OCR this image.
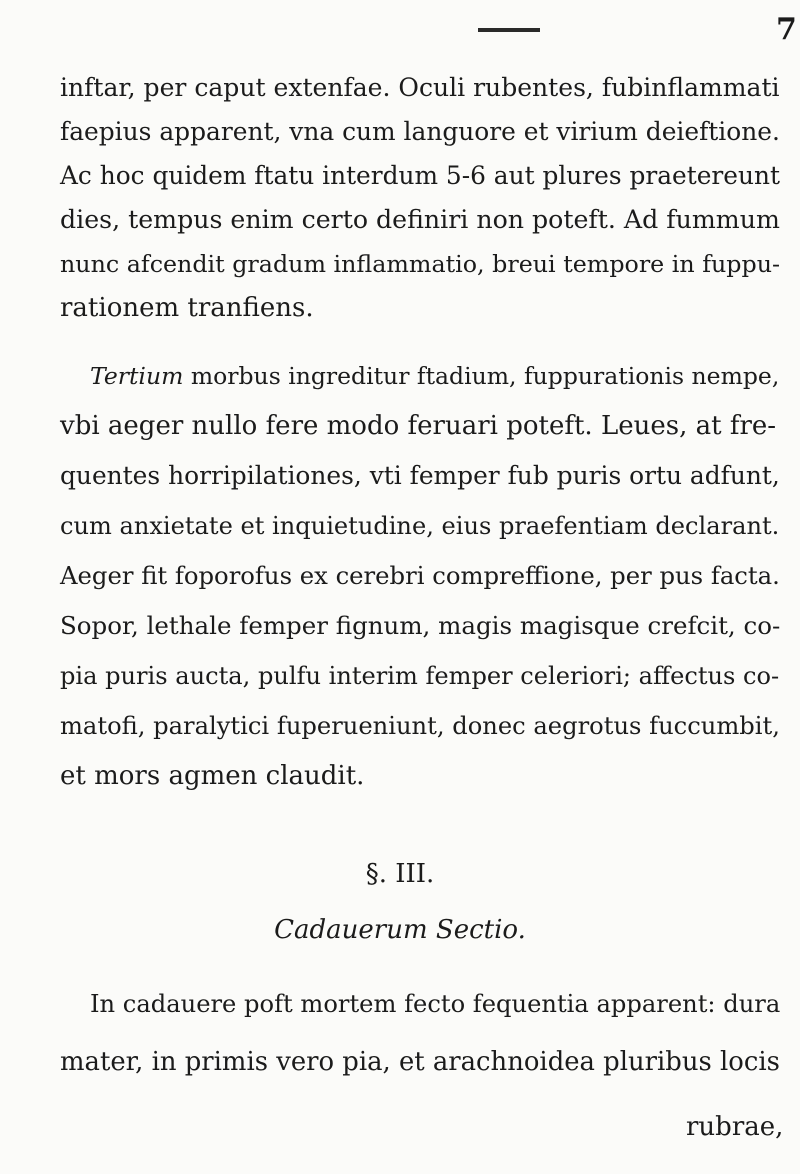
7
inftar, per caput extenfae. Oculi rubentes, fubinflammati
faepius apparent, vna cum languore et virium deieftione.
Ac hoc quidem ftatu interdum 5-6 aut plures praetereunt
dies, tempus enim certo definiri non poteft. Ad fummum
nunc afcendit gradum inflammatio, breui tempore in fuppu-
rationem tranfiens.
Tertium morbus ingreditur ftadium, fuppurationis nempe,
vbi aeger nullo fere modo feruari poteft. Leues, at fre-
quentes horripilationes, vti femper fub puris ortu adfunt,
cum anxietate et inquietudine, eius praefentiam declarant.
Aeger fit foporofus ex cerebri compreffione, per pus facta.
Sopor, lethale femper fignum, magis magisque crefcit, co-
pia puris aucta, pulfu interim femper celeriori; affectus co-
matofi, paralytici fuperueniunt, donec aegrotus fuccumbit,
et mors agmen claudit.
§. III.
Cadauerum Sectio.
In cadauere poft mortem fecto fequentia apparent: dura
mater, in primis vero pia, et arachnoidea pluribus locis
rubrae,
